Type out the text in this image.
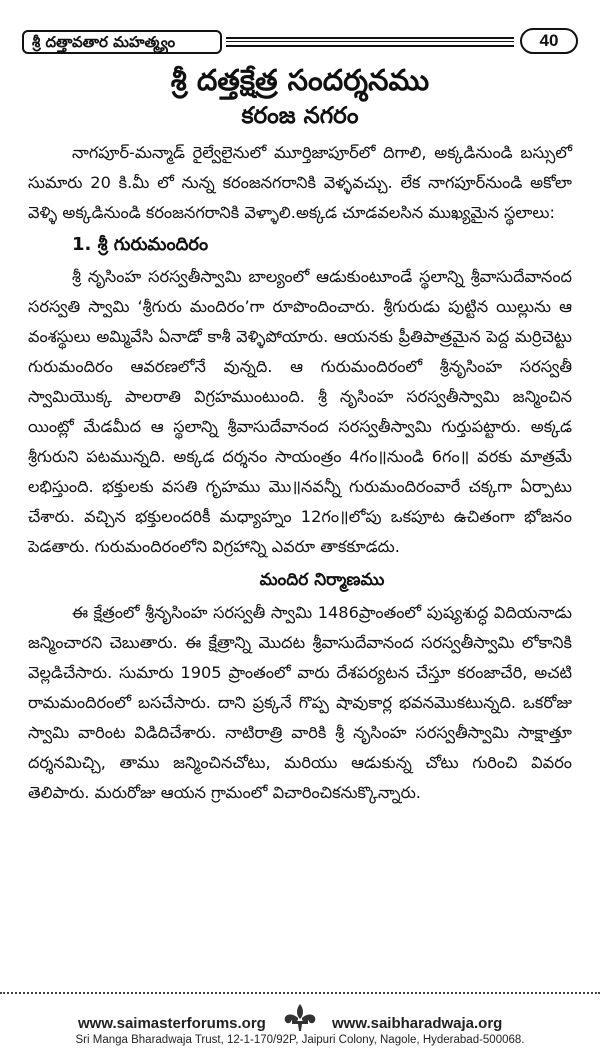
శ్రీ దత్తావతార మహత్మ్యం	40
శ్రీ దత్తక్షేత్ర సందర్శనము
కరంజ నగరం

నాగపూర్-మన్మాడ్ రైల్వేలైనులో మూర్తిజాపూర్‌లో దిగాలి, అక్కడినుండి బస్సులో సుమారు 20 కి.మీ లో నున్న కరంజనగరానికి వెళ్ళవచ్చు. లేక నాగపూర్‌నుండి అకోలా వెళ్ళి అక్కడినుండి కరంజనగరానికి వెళ్ళాలి.అక్కడ చూడవలసిన ముఖ్యమైన స్థలాలు:

1. శ్రీ గురుమందిరం

శ్రీ నృసింహ సరస్వతీస్వామి బాల్యంలో ఆడుకుంటూండే స్థలాన్ని శ్రీవాసుదేవానంద సరస్వతి స్వామి ‘శ్రీగురు మందిరం’గా రూపొందించారు. శ్రీగురుడు పుట్టిన యిల్లును ఆ వంశస్థులు అమ్మివేసి ఏనాడో కాశీ వెళ్ళిపోయారు. ఆయనకు ప్రీతిపాత్రమైన పెద్ద మర్రిచెట్టు గురుమందిరం ఆవరణలోనే వున్నది. ఆ గురుమందిరంలో శ్రీనృసింహ సరస్వతీ స్వామియొక్క పాలరాతి విగ్రహముంటుంది. శ్రీ నృసింహ సరస్వతీస్వామి జన్మించిన యింట్లో మేడమీద ఆ స్థలాన్ని శ్రీవాసుదేవానంద సరస్వతీస్వామి గుర్తుపట్టారు. అక్కడ శ్రీగురుని పటమున్నది. అక్కడ దర్శనం సాయంత్రం 4గం॥నుండి 6గం॥ వరకు మాత్రమే లభిస్తుంది. భక్తులకు వసతి గృహము మొ॥నవన్నీ గురుమందిరంవారే చక్కగా ఏర్పాటు చేశారు. వచ్చిన భక్తులందరికీ మధ్యాహ్నం 12గం॥లోపు ఒకపూట ఉచితంగా భోజనం పెడతారు. గురుమందిరంలోని విగ్రహాన్ని ఎవరూ తాకకూడదు.

మందిర నిర్మాణము

ఈ క్షేత్రంలో శ్రీనృసింహ సరస్వతీ స్వామి 1486ప్రాంతంలో పుష్యశుద్ధ విదియనాడు జన్మించారని చెబుతారు. ఈ క్షేత్రాన్ని మొదట శ్రీవాసుదేవానంద సరస్వతీస్వామి లోకానికి వెల్లడిచేసారు. సుమారు 1905 ప్రాంతంలో వారు దేశపర్యటన చేస్తూ కరంజాచేరి, అచటి రామమందిరంలో బసచేసారు. దాని ప్రక్కనే గొప్ప షావుకార్ల భవనమొకటున్నది. ఒకరోజు స్వామి వారింట విడిదిచేశారు. నాటిరాత్రి వారికి శ్రీ నృసింహ సరస్వతీస్వామి సాక్షాత్తూ దర్శనమిచ్చి, తాము జన్మించినచోటు, మరియు ఆడుకున్న చోటు గురించి వివరం తెలిపారు. మరురోజు ఆయన గ్రామంలో విచారించికనుక్కొన్నారు.

www.saimasterforums.org	www.saibharadwaja.org
Sri Manga Bharadwaja Trust, 12-1-170/92P, Jaipuri Colony, Nagole, Hyderabad-500068.
